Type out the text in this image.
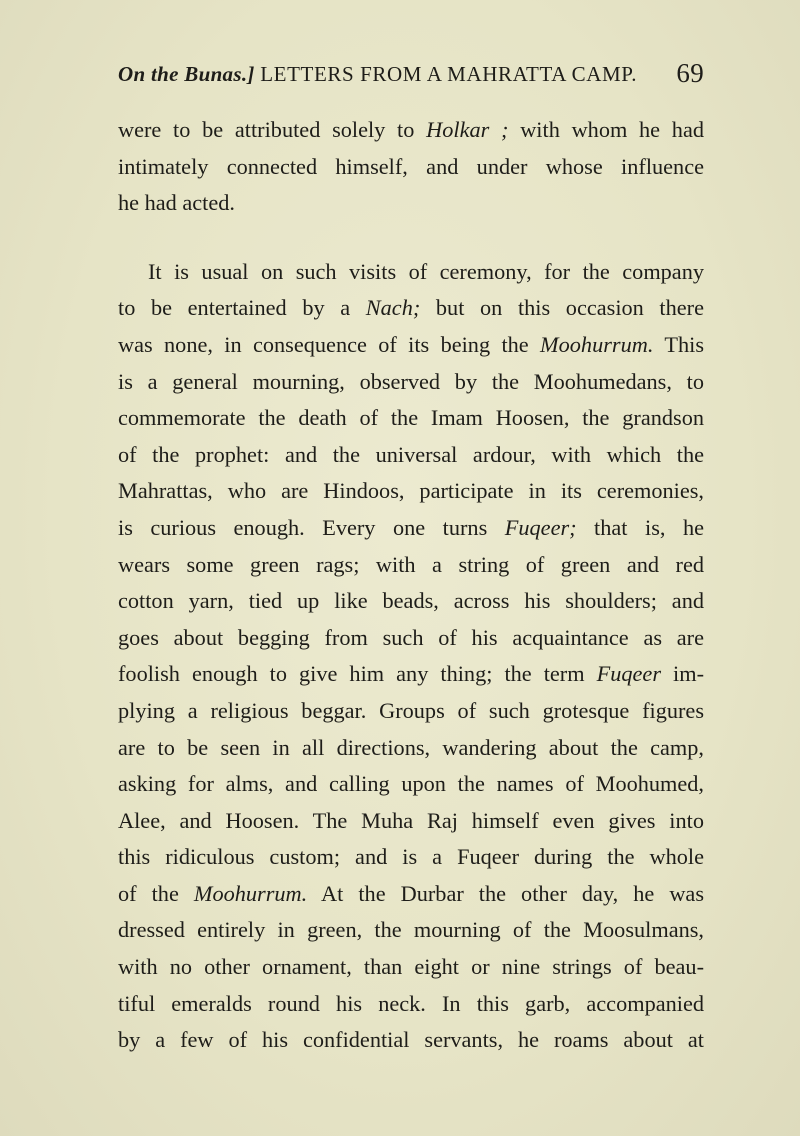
On the Bunas.] LETTERS FROM A MAHRATTA CAMP. 69
were to be attributed solely to Holkar ; with whom he had
intimately connected himself, and under whose influence
he had acted.
It is usual on such visits of ceremony, for the company
to be entertained by a Nach; but on this occasion there
was none, in consequence of its being the Moohurrum. This
is a general mourning, observed by the Moohumedans, to
commemorate the death of the Imam Hoosen, the grandson
of the prophet: and the universal ardour, with which the
Mahrattas, who are Hindoos, participate in its ceremonies,
is curious enough. Every one turns Fuqeer; that is, he
wears some green rags; with a string of green and red
cotton yarn, tied up like beads, across his shoulders; and
goes about begging from such of his acquaintance as are
foolish enough to give him any thing; the term Fuqeer im-
plying a religious beggar. Groups of such grotesque figures
are to be seen in all directions, wandering about the camp,
asking for alms, and calling upon the names of Moohumed,
Alee, and Hoosen. The Muha Raj himself even gives into
this ridiculous custom; and is a Fuqeer during the whole
of the Moohurrum. At the Durbar the other day, he was
dressed entirely in green, the mourning of the Moosulmans,
with no other ornament, than eight or nine strings of beau-
tiful emeralds round his neck. In this garb, accompanied
by a few of his confidential servants, he roams about at
